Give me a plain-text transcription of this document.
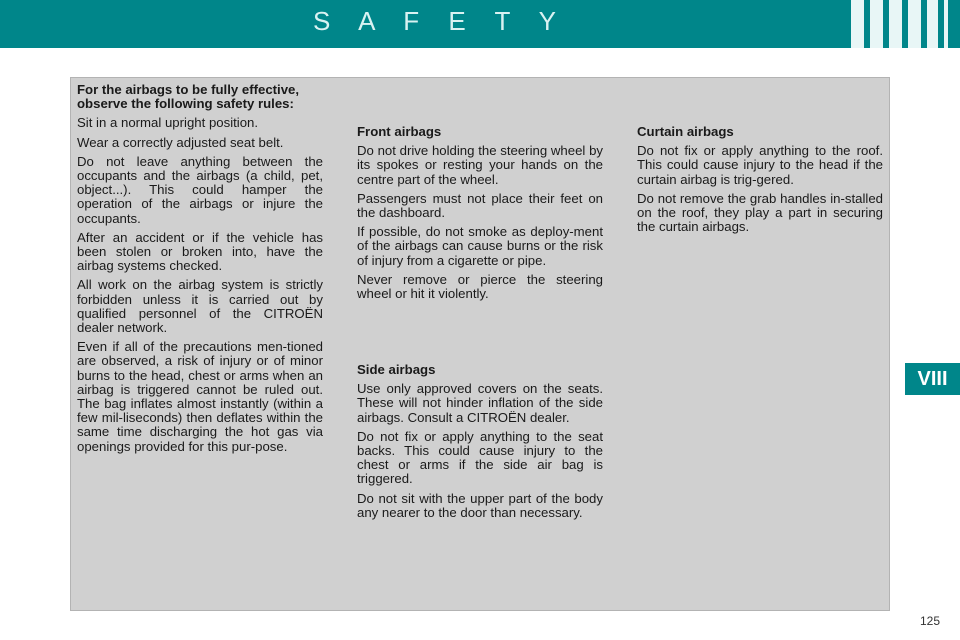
S A F E T Y
For the airbags to be fully effective, observe the following safety rules:

Sit in a normal upright position.

Wear a correctly adjusted seat belt.

Do not leave anything between the occupants and the airbags (a child, pet, object...). This could hamper the operation of the airbags or injure the occupants.

After an accident or if the vehicle has been stolen or broken into, have the airbag systems checked.

All work on the airbag system is strictly forbidden unless it is carried out by qualified personnel of the CITROËN dealer network.

Even if all of the precautions men-tioned are observed, a risk of injury or of minor burns to the head, chest or arms when an airbag is triggered cannot be ruled out. The bag inflates almost instantly (within a few mil-liseconds) then deflates within the same time discharging the hot gas via openings provided for this pur-pose.

Front airbags

Do not drive holding the steering wheel by its spokes or resting your hands on the centre part of the wheel.

Passengers must not place their feet on the dashboard.

If possible, do not smoke as deploy-ment of the airbags can cause burns or the risk of injury from a cigarette or pipe.

Never remove or pierce the steering wheel or hit it violently.

Side airbags

Use only approved covers on the seats. These will not hinder inflation of the side airbags. Consult a CITROËN dealer.

Do not fix or apply anything to the seat backs. This could cause injury to the chest or arms if the side air bag is triggered.

Do not sit with the upper part of the body any nearer to the door than necessary.

Curtain airbags

Do not fix or apply anything to the roof. This could cause injury to the head if the curtain airbag is trig-gered.

Do not remove the grab handles in-stalled on the roof, they play a part in securing the curtain airbags.

VIII
125
